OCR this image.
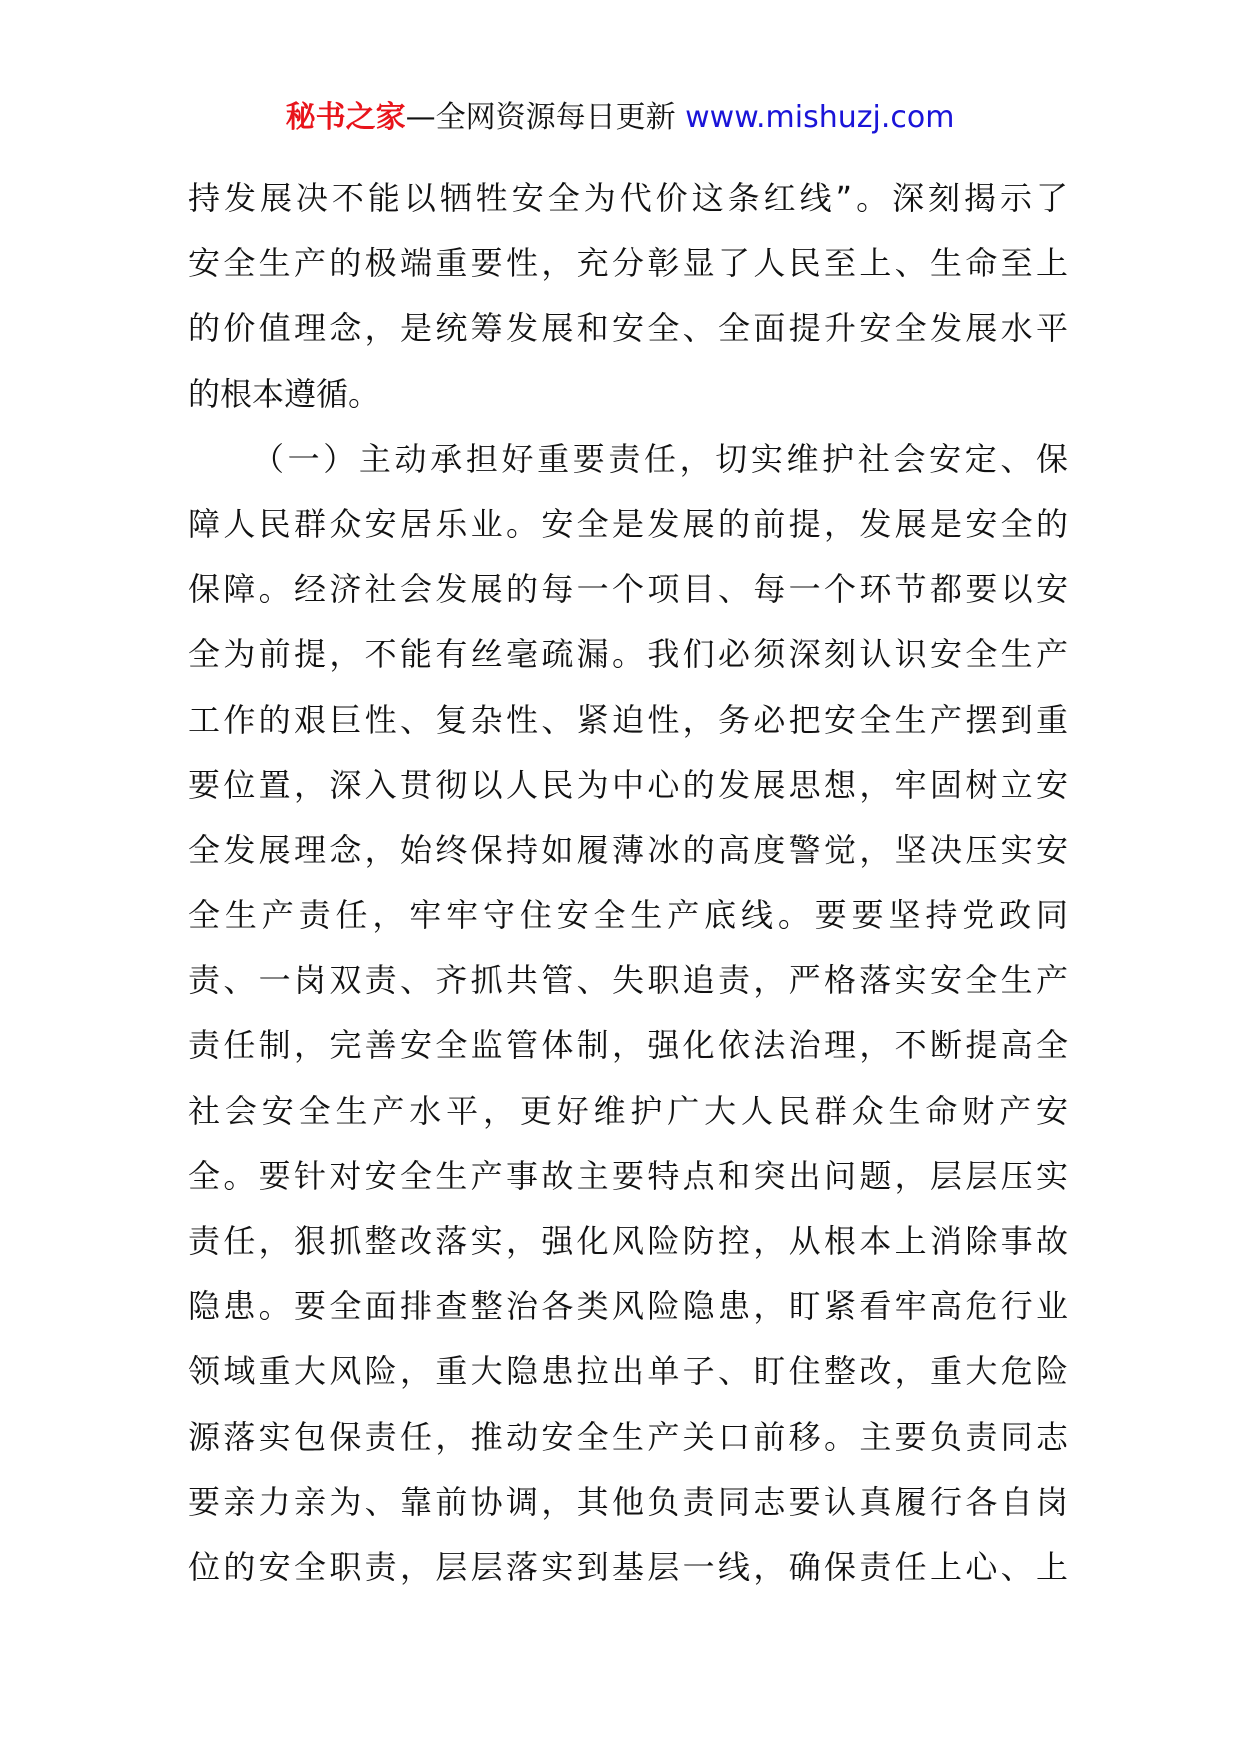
秘书之家—全网资源每日更新 www.mishuzj.com
持发展决不能以牺牲安全为代价这条红线”。深刻揭示了
安全生产的极端重要性，充分彰显了人民至上、生命至上
的价值理念，是统筹发展和安全、全面提升安全发展水平
的根本遵循。
（一）主动承担好重要责任，切实维护社会安定、保
障人民群众安居乐业。安全是发展的前提，发展是安全的
保障。经济社会发展的每一个项目、每一个环节都要以安
全为前提，不能有丝毫疏漏。我们必须深刻认识安全生产
工作的艰巨性、复杂性、紧迫性，务必把安全生产摆到重
要位置，深入贯彻以人民为中心的发展思想，牢固树立安
全发展理念，始终保持如履薄冰的高度警觉，坚决压实安
全生产责任，牢牢守住安全生产底线。要要坚持党政同
责、一岗双责、齐抓共管、失职追责，严格落实安全生产
责任制，完善安全监管体制，强化依法治理，不断提高全
社会安全生产水平，更好维护广大人民群众生命财产安
全。要针对安全生产事故主要特点和突出问题，层层压实
责任，狠抓整改落实，强化风险防控，从根本上消除事故
隐患。要全面排查整治各类风险隐患，盯紧看牢高危行业
领域重大风险，重大隐患拉出单子、盯住整改，重大危险
源落实包保责任，推动安全生产关口前移。主要负责同志
要亲力亲为、靠前协调，其他负责同志要认真履行各自岗
位的安全职责，层层落实到基层一线，确保责任上心、上
